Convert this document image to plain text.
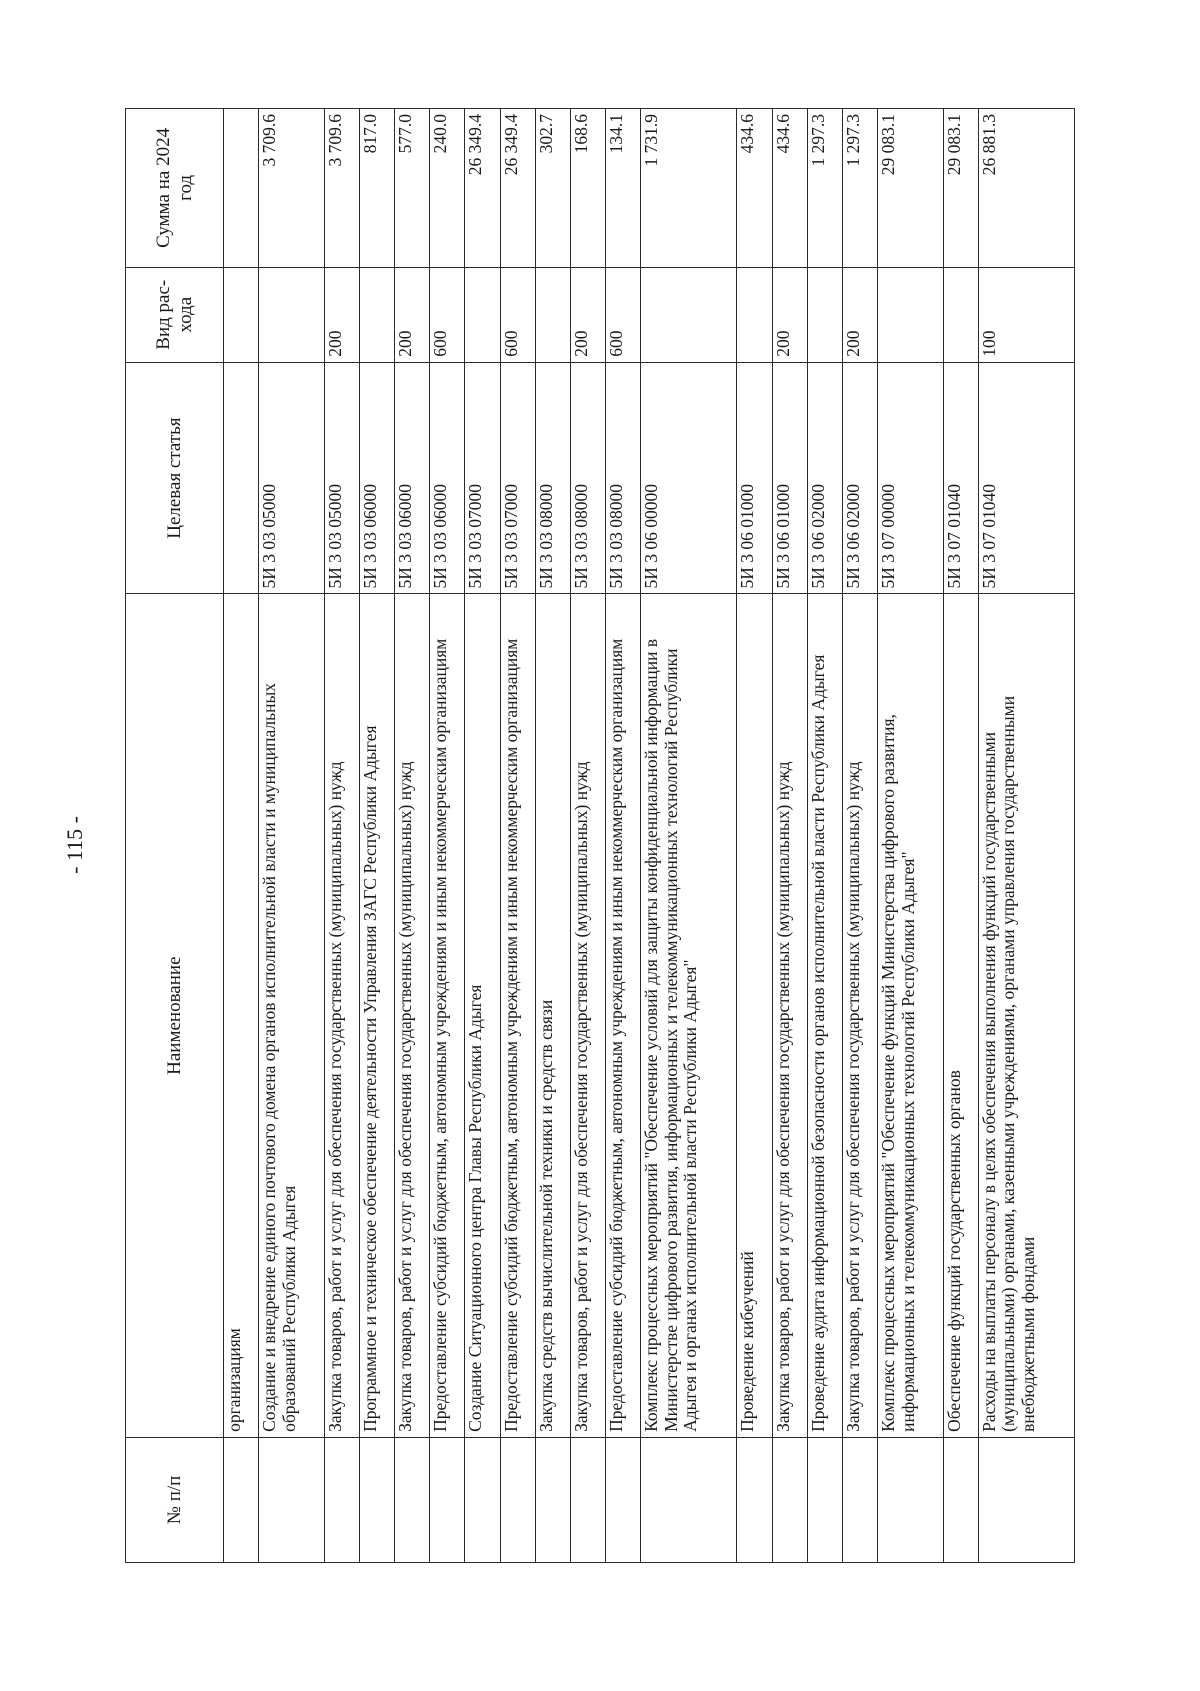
- 115 -
№ п/п	Наименование	Целевая статья	Вид рас-хода	Сумма на 2024 год
	организациям			
	Создание и внедрение единого почтового домена органов исполнительной власти и муниципальных образований Республики Адыгея	5И 3 03 05000		3 709.6
	Закупка товаров, работ и услуг для обеспечения государственных (муниципальных) нужд	5И 3 03 05000	200	3 709.6
	Программное и техническое обеспечение деятельности Управления ЗАГС Республики Адыгея	5И 3 03 06000		817.0
	Закупка товаров, работ и услуг для обеспечения государственных (муниципальных) нужд	5И 3 03 06000	200	577.0
	Предоставление субсидий бюджетным, автономным учреждениям и иным некоммерческим организациям	5И 3 03 06000	600	240.0
	Создание Ситуационного центра Главы Республики Адыгея	5И 3 03 07000		26 349.4
	Предоставление субсидий бюджетным, автономным учреждениям и иным некоммерческим организациям	5И 3 03 07000	600	26 349.4
	Закупка средств вычислительной техники и средств связи	5И 3 03 08000		302.7
	Закупка товаров, работ и услуг для обеспечения государственных (муниципальных) нужд	5И 3 03 08000	200	168.6
	Предоставление субсидий бюджетным, автономным учреждениям и иным некоммерческим организациям	5И 3 03 08000	600	134.1
	Комплекс процессных мероприятий "Обеспечение условий для защиты конфиденциальной информации в Министерстве цифрового развития, информационных и телекоммуникационных технологий Республики Адыгея и органах исполнительной власти Республики Адыгея"	5И 3 06 00000		1 731.9
	Проведение кибеучений	5И 3 06 01000		434.6
	Закупка товаров, работ и услуг для обеспечения государственных (муниципальных) нужд	5И 3 06 01000	200	434.6
	Проведение аудита информационной безопасности органов исполнительной власти Республики Адыгея	5И 3 06 02000		1 297.3
	Закупка товаров, работ и услуг для обеспечения государственных (муниципальных) нужд	5И 3 06 02000	200	1 297.3
	Комплекс процессных мероприятий "Обеспечение функций Министерства цифрового развития, информационных и телекоммуникационных технологий Республики Адыгея"	5И 3 07 00000		29 083.1
	Обеспечение функций государственных органов	5И 3 07 01040		29 083.1
	Расходы на выплаты персоналу в целях обеспечения выполнения функций государственными (муниципальными) органами, казенными учреждениями, органами управления государственными внебюджетными фондами	5И 3 07 01040	100	26 881.3
